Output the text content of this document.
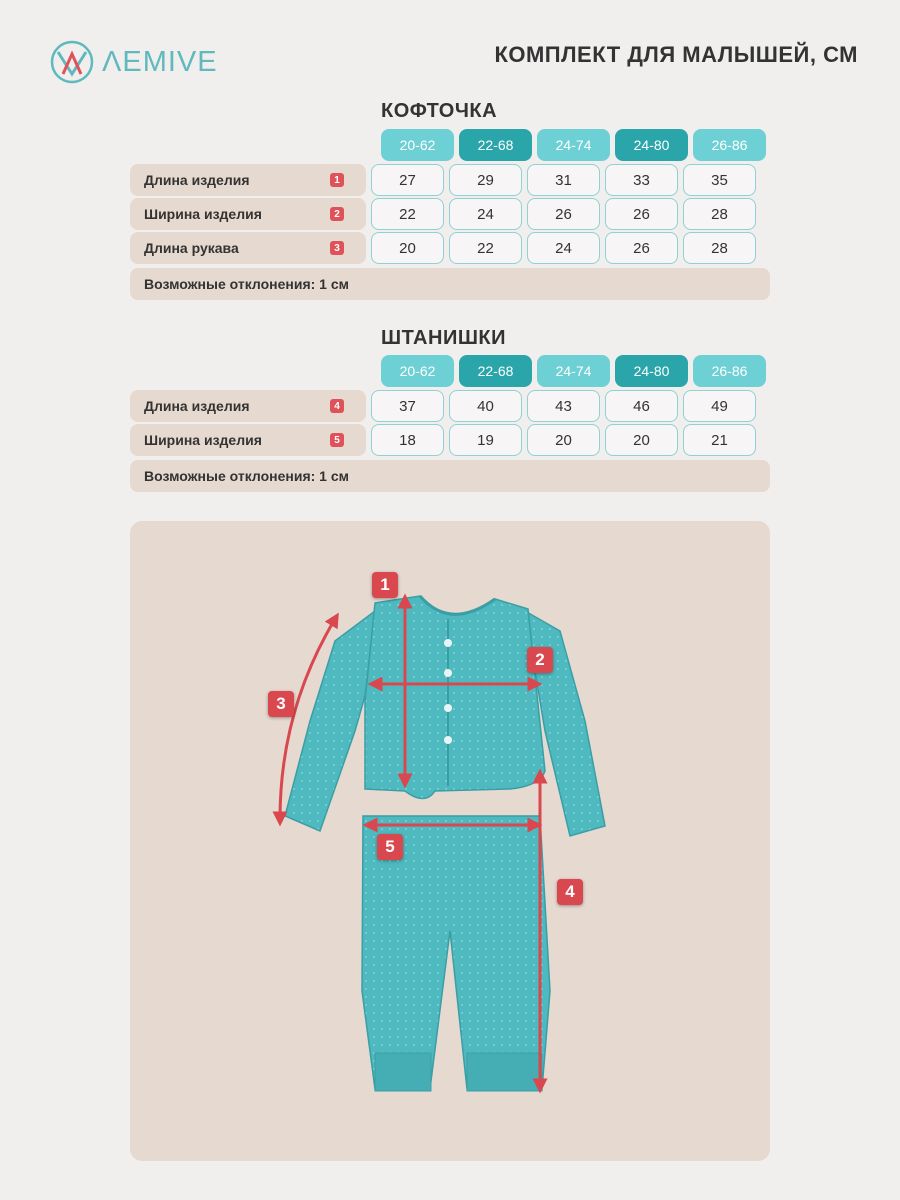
ΛEMIVE	КОМПЛЕКТ ДЛЯ МАЛЫШЕЙ, СМ
КОФТОЧКА
20-62	22-68	24-74	24-80	26-86
Длина изделия	1	27	29	31	33	35
Ширина изделия	2	22	24	26	26	28
Длина рукава	3	20	22	24	26	28
Возможные отклонения: 1 см
ШТАНИШКИ
20-62	22-68	24-74	24-80	26-86
Длина изделия	4	37	40	43	46	49
Ширина изделия	5	18	19	20	20	21
Возможные отклонения: 1 см
1
2
3
4
5
